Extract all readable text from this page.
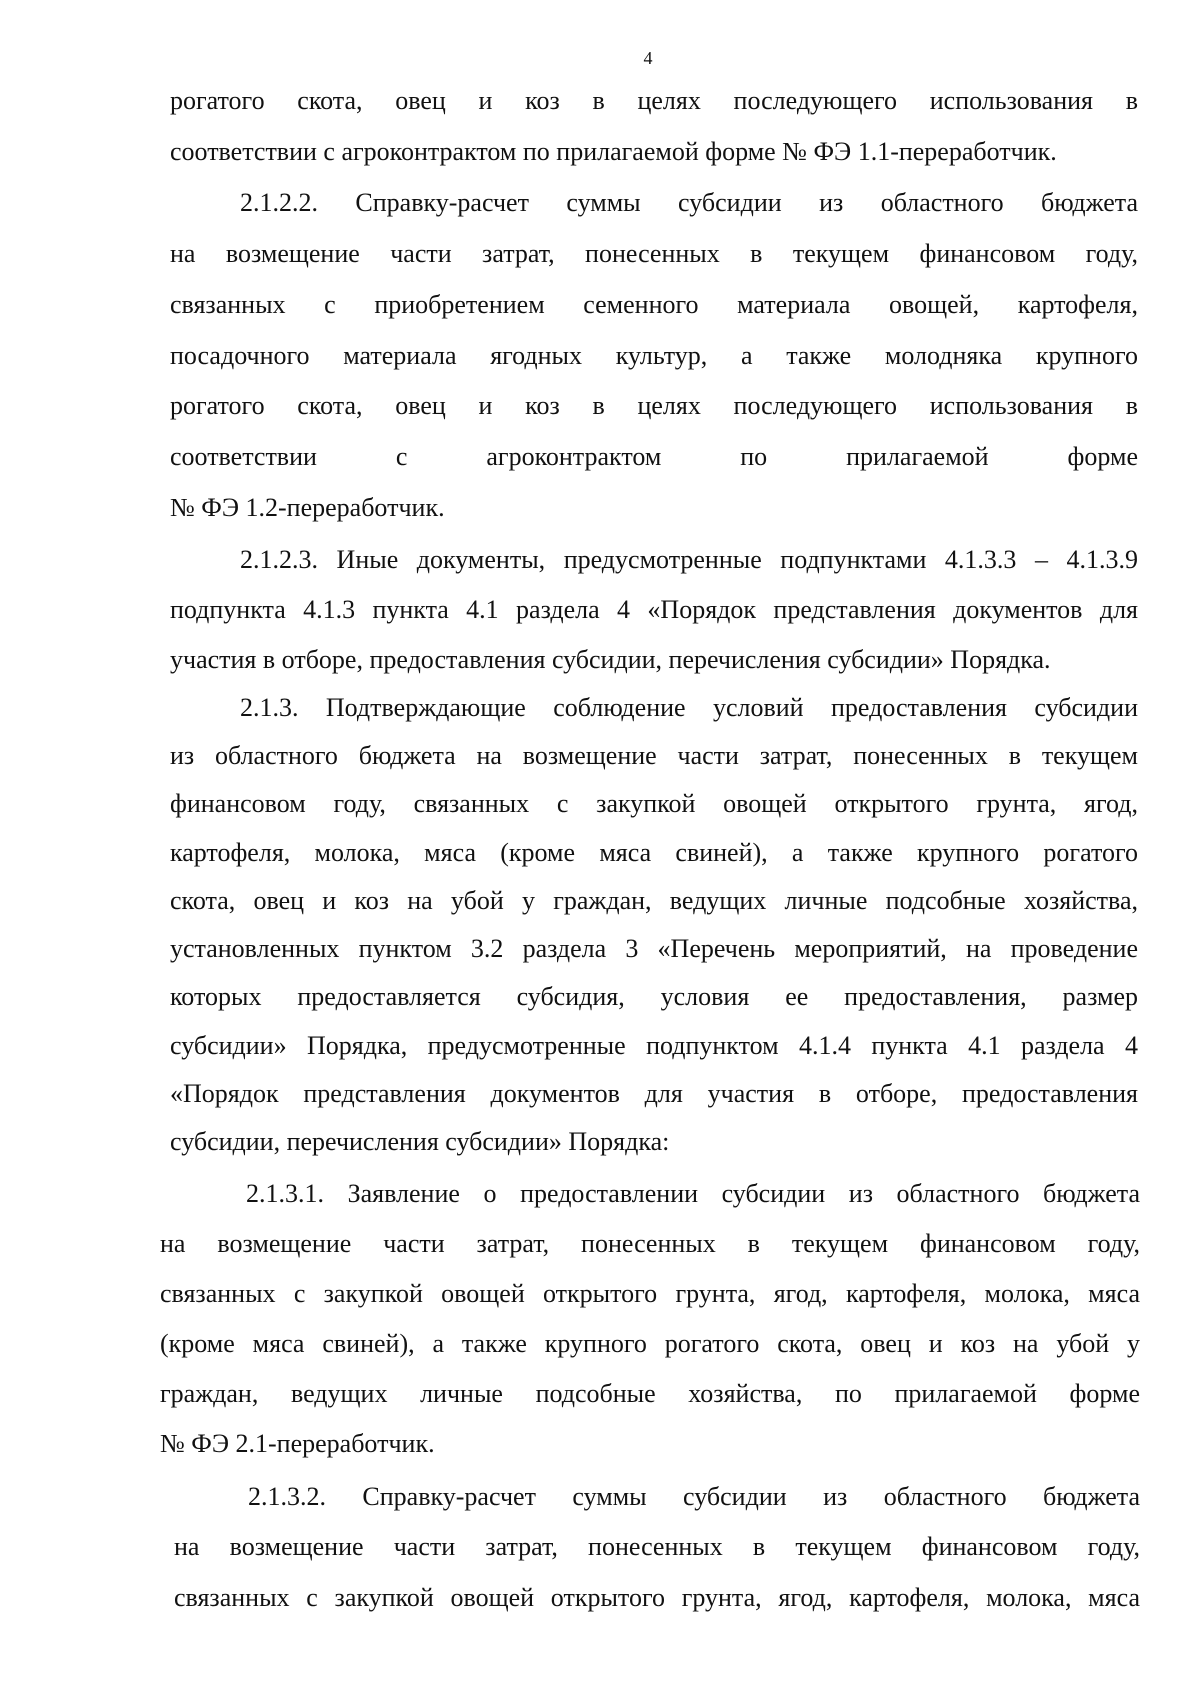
4
рогатого скота, овец и коз в целях последующего использования в
соответствии с агроконтрактом по прилагаемой форме № ФЭ 1.1-переработчик.
2.1.2.2. Справку-расчет суммы субсидии из областного бюджета
на возмещение части затрат, понесенных в текущем финансовом году,
связанных с приобретением семенного материала овощей, картофеля,
посадочного материала ягодных культур, а также молодняка крупного
рогатого скота, овец и коз в целях последующего использования в
соответствии с агроконтрактом по прилагаемой форме
№ ФЭ 1.2-переработчик.
2.1.2.3. Иные документы, предусмотренные подпунктами 4.1.3.3 – 4.1.3.9
подпункта 4.1.3 пункта 4.1 раздела 4 «Порядок представления документов для
участия в отборе, предоставления субсидии, перечисления субсидии» Порядка.
2.1.3. Подтверждающие соблюдение условий предоставления субсидии
из областного бюджета на возмещение части затрат, понесенных в текущем
финансовом году, связанных с закупкой овощей открытого грунта, ягод,
картофеля, молока, мяса (кроме мяса свиней), а также крупного рогатого
скота, овец и коз на убой у граждан, ведущих личные подсобные хозяйства,
установленных пунктом 3.2 раздела 3 «Перечень мероприятий, на проведение
которых предоставляется субсидия, условия ее предоставления, размер
субсидии» Порядка, предусмотренные подпунктом 4.1.4 пункта 4.1 раздела 4
«Порядок представления документов для участия в отборе, предоставления
субсидии, перечисления субсидии» Порядка:
2.1.3.1. Заявление о предоставлении субсидии из областного бюджета
на возмещение части затрат, понесенных в текущем финансовом году,
связанных с закупкой овощей открытого грунта, ягод, картофеля, молока, мяса
(кроме мяса свиней), а также крупного рогатого скота, овец и коз на убой у
граждан, ведущих личные подсобные хозяйства, по прилагаемой форме
№ ФЭ 2.1-переработчик.
2.1.3.2. Справку-расчет суммы субсидии из областного бюджета
на возмещение части затрат, понесенных в текущем финансовом году,
связанных с закупкой овощей открытого грунта, ягод, картофеля, молока, мяса
